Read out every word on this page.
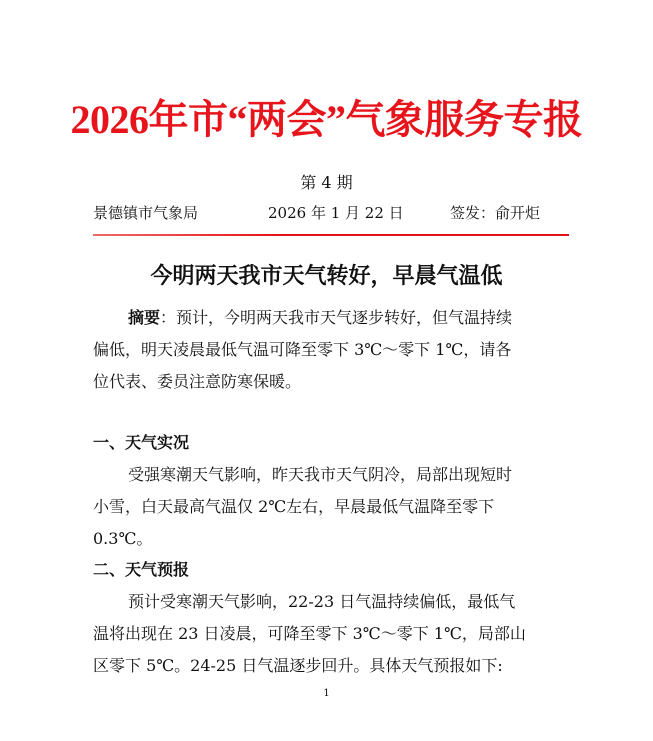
2026年市“两会”气象服务专报
第 4 期
景德镇市气象局	2026 年 1 月 22 日	签发：俞开炬
今明两天我市天气转好，早晨气温低
摘要：预计，今明两天我市天气逐步转好，但气温持续
偏低，明天凌晨最低气温可降至零下 3℃～零下 1℃，请各
位代表、委员注意防寒保暖。
一、天气实况
受强寒潮天气影响，昨天我市天气阴冷，局部出现短时
小雪，白天最高气温仅 2℃左右，早晨最低气温降至零下
0.3℃。
二、天气预报
预计受寒潮天气影响，22-23 日气温持续偏低，最低气
温将出现在 23 日凌晨，可降至零下 3℃～零下 1℃，局部山
区零下 5℃。24-25 日气温逐步回升。具体天气预报如下:
1
